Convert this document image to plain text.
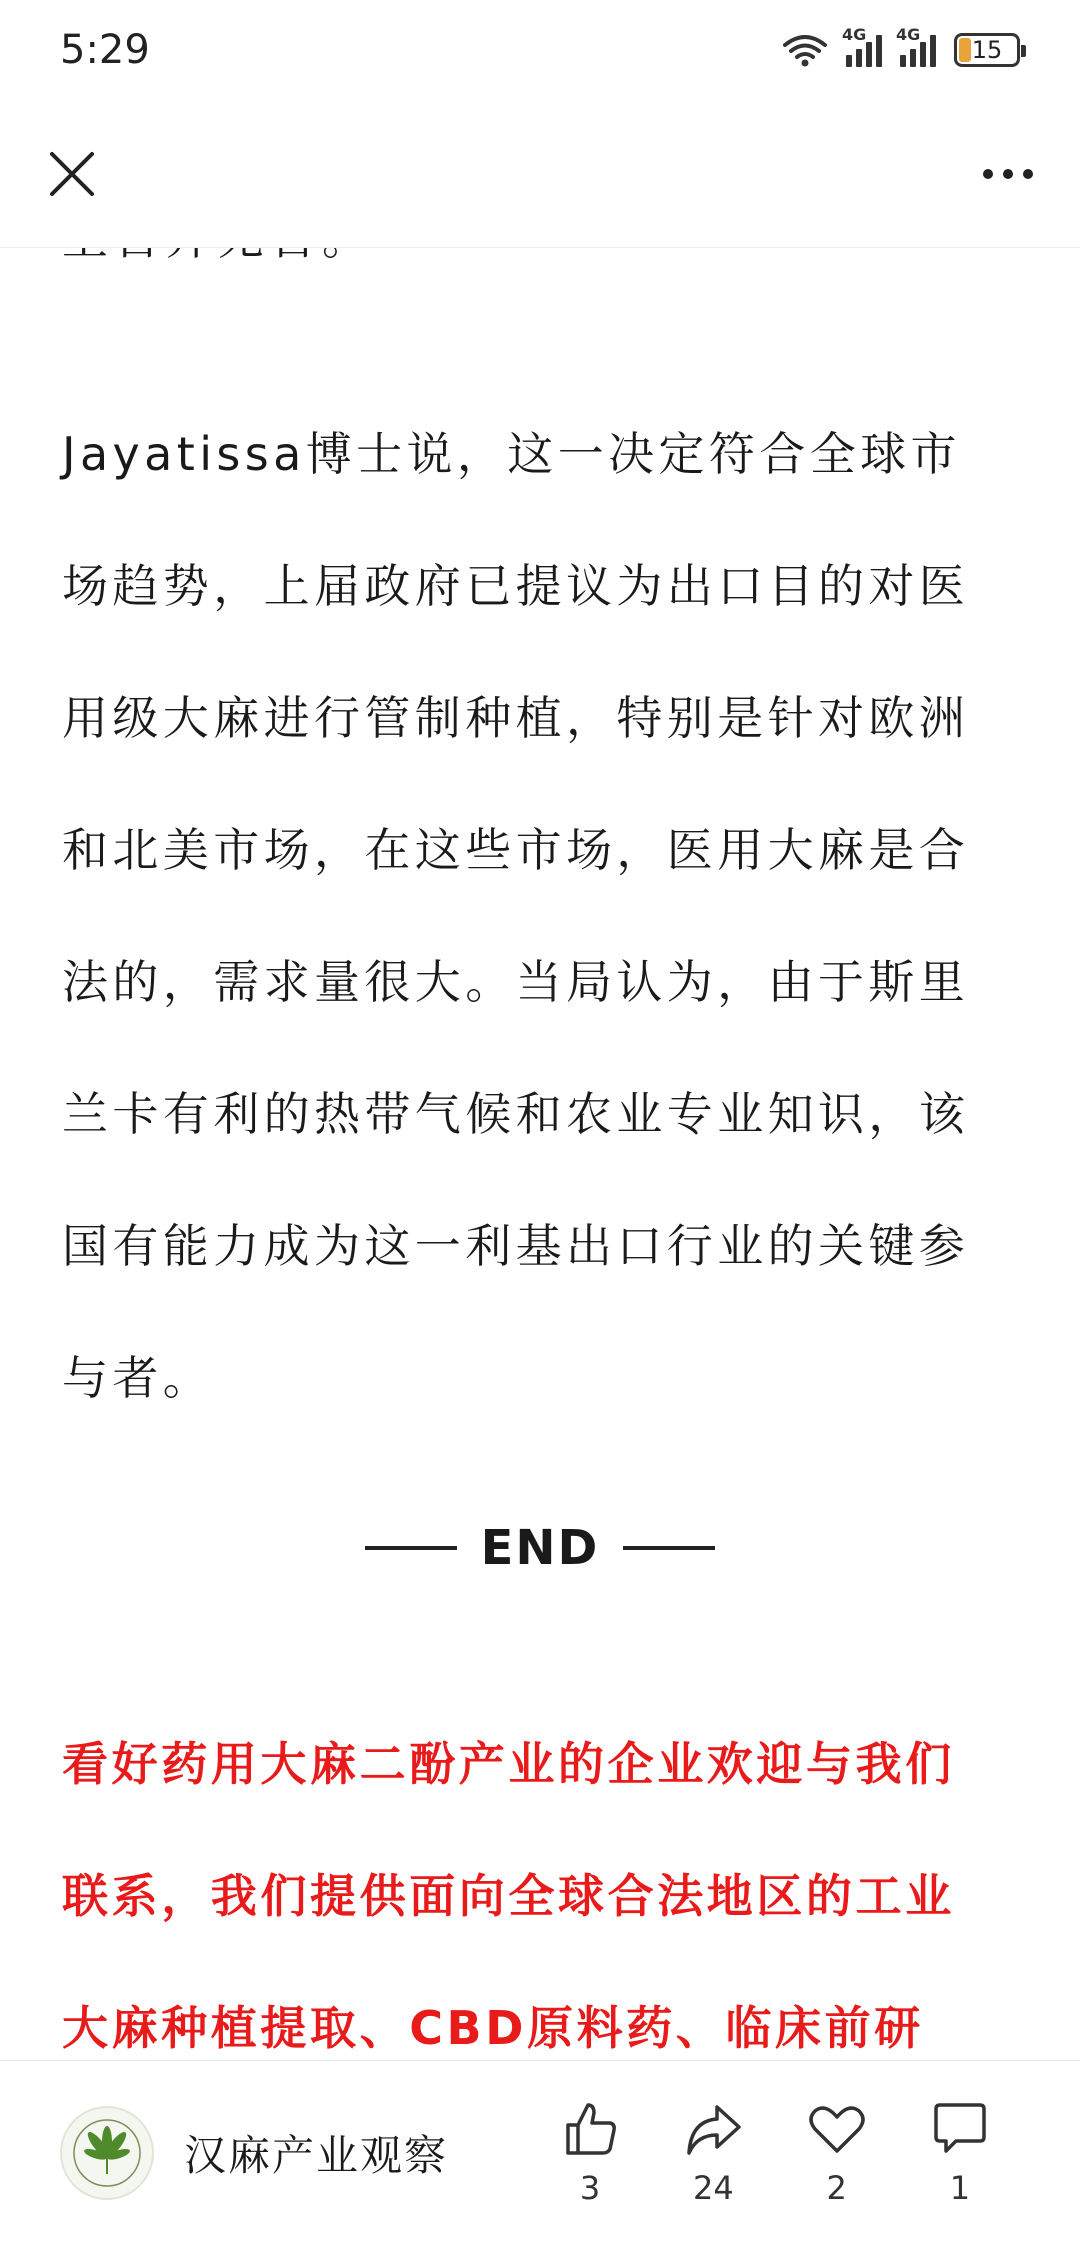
5:29	4G 4G
15
Jayatissa博士说，这一决定符合全球市
场趋势，上届政府已提议为出口目的对医
用级大麻进行管制种植，特别是针对欧洲
和北美市场，在这些市场，医用大麻是合
法的，需求量很大。当局认为，由于斯里
兰卡有利的热带气候和农业专业知识，该
国有能力成为这一利基出口行业的关键参
与者。
END
看好药用大麻二酚产业的企业欢迎与我们
联系，我们提供面向全球合法地区的工业
大麻种植提取、CBD原料药、临床前研
汉麻产业观察
3	24	2	1
